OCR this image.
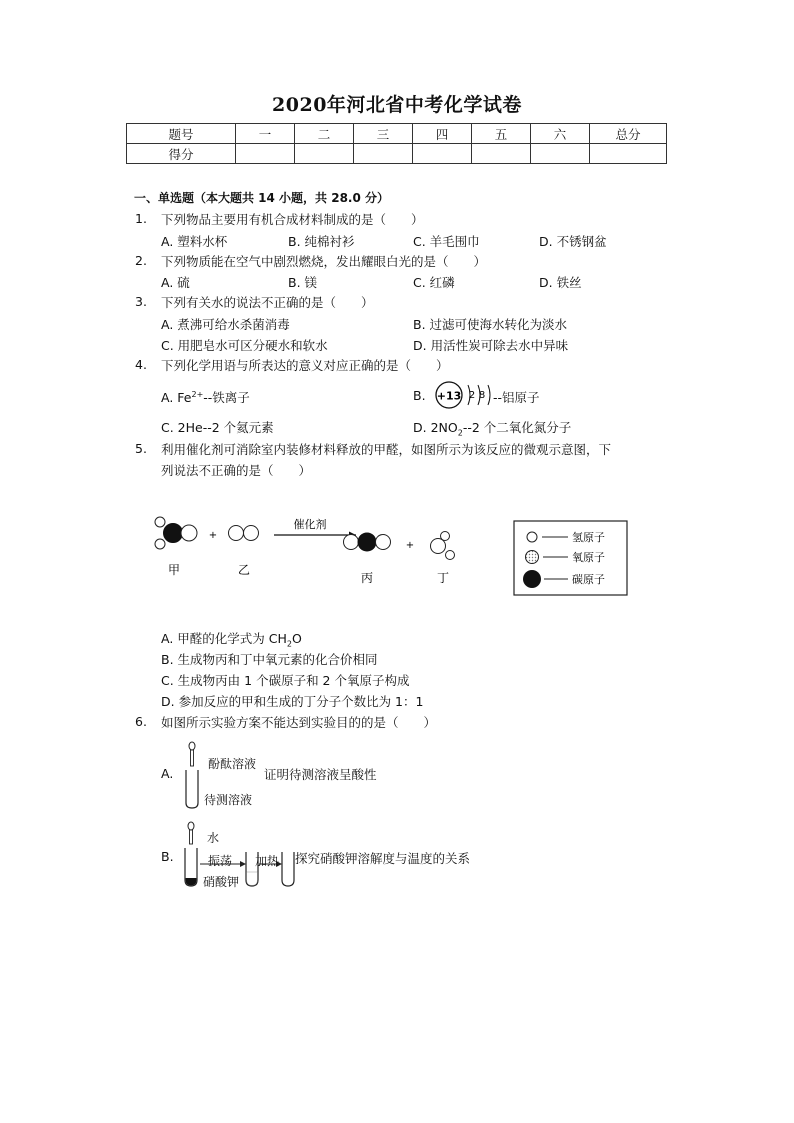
2020年河北省中考化学试卷
题号	一	二	三	四	五	六	总分
得分							
一、单选题（本大题共 14 小题，共 28.0 分）
1. 下列物品主要用有机合成材料制成的是（　　）
A. 塑料水杯	B. 纯棉衬衫	C. 羊毛围巾	D. 不锈钢盆
2. 下列物质能在空气中剧烈燃烧，发出耀眼白光的是（　　）
A. 硫	B. 镁	C. 红磷	D. 铁丝
3. 下列有关水的说法不正确的是（　　）
A. 煮沸可给水杀菌消毒	B. 过滤可使海水转化为淡水
C. 用肥皂水可区分硬水和软水	D. 用活性炭可除去水中异味
4. 下列化学用语与所表达的意义对应正确的是（　　）
A. $Fe^{2+}--$铁离子	B. +13 2 8 --铝原子
C. 2He--2 个氦元素	D. $2NO_2--2$ 个二氧化氮分子
5. 利用催化剂可消除室内装修材料释放的甲醛，如图所示为该反应的微观示意图，下
列说法不正确的是（　　）
+
催化剂
+
甲	乙
丙	丁
氢原子
氧原子
碳原子
A. 甲醛的化学式为 $CH_2O$
B. 生成物丙和丁中氧元素的化合价相同
C. 生成物丙由 1 个碳原子和 2 个氧原子构成
D. 参加反应的甲和生成的丁分子个数比为 1：1
6. 如图所示实验方案不能达到实验目的的是（　　）
A.
酚酞溶液
证明待测溶液呈酸性
待测溶液
B.
水
振荡 加热
硝酸钾
探究硝酸钾溶解度与温度的关系
